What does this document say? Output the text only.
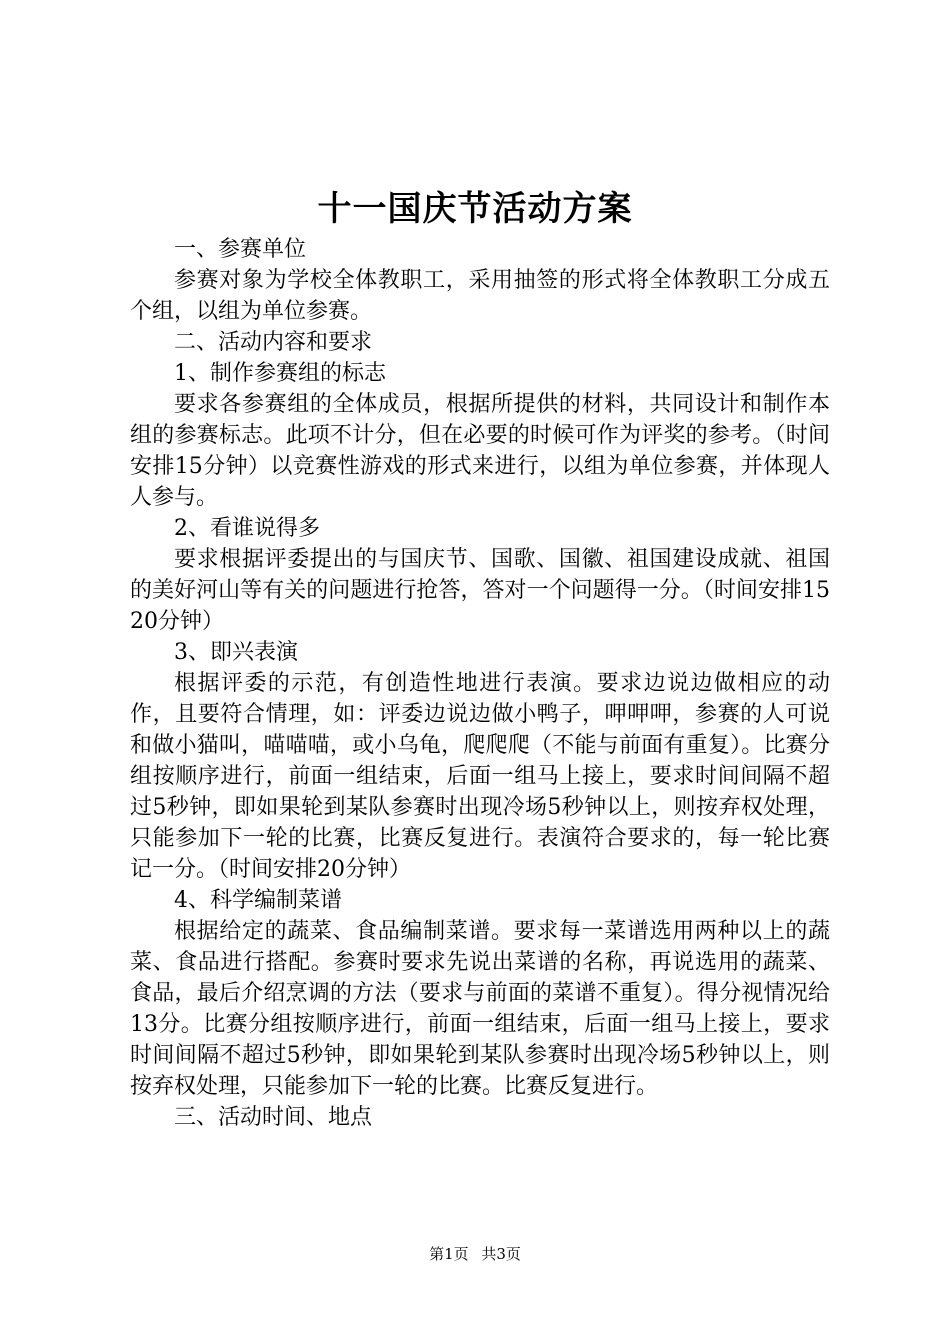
十一国庆节活动方案

一、参赛单位

参赛对象为学校全体教职工，采用抽签的形式将全体教职工分成五个组，以组为单位参赛。

二、活动内容和要求

1、制作参赛组的标志

要求各参赛组的全体成员，根据所提供的材料，共同设计和制作本组的参赛标志。此项不计分，但在必要的时候可作为评奖的参考。（时间安排15分钟）以竞赛性游戏的形式来进行，以组为单位参赛，并体现人人参与。

2、看谁说得多

要求根据评委提出的与国庆节、国歌、国徽、祖国建设成就、祖国的美好河山等有关的问题进行抢答，答对一个问题得一分。（时间安排1520分钟）

3、即兴表演

根据评委的示范，有创造性地进行表演。要求边说边做相应的动作，且要符合情理，如：评委边说边做小鸭子，呷呷呷，参赛的人可说和做小猫叫，喵喵喵，或小乌龟，爬爬爬（不能与前面有重复）。比赛分组按顺序进行，前面一组结束，后面一组马上接上，要求时间间隔不超过5秒钟，即如果轮到某队参赛时出现冷场5秒钟以上，则按弃权处理，只能参加下一轮的比赛，比赛反复进行。表演符合要求的，每一轮比赛记一分。（时间安排20分钟）

4、科学编制菜谱

根据给定的蔬菜、食品编制菜谱。要求每一菜谱选用两种以上的蔬菜、食品进行搭配。参赛时要求先说出菜谱的名称，再说选用的蔬菜、食品，最后介绍烹调的方法（要求与前面的菜谱不重复）。得分视情况给13分。比赛分组按顺序进行，前面一组结束，后面一组马上接上，要求时间间隔不超过5秒钟，即如果轮到某队参赛时出现冷场5秒钟以上，则按弃权处理，只能参加下一轮的比赛。比赛反复进行。

三、活动时间、地点

第1页 共3页
